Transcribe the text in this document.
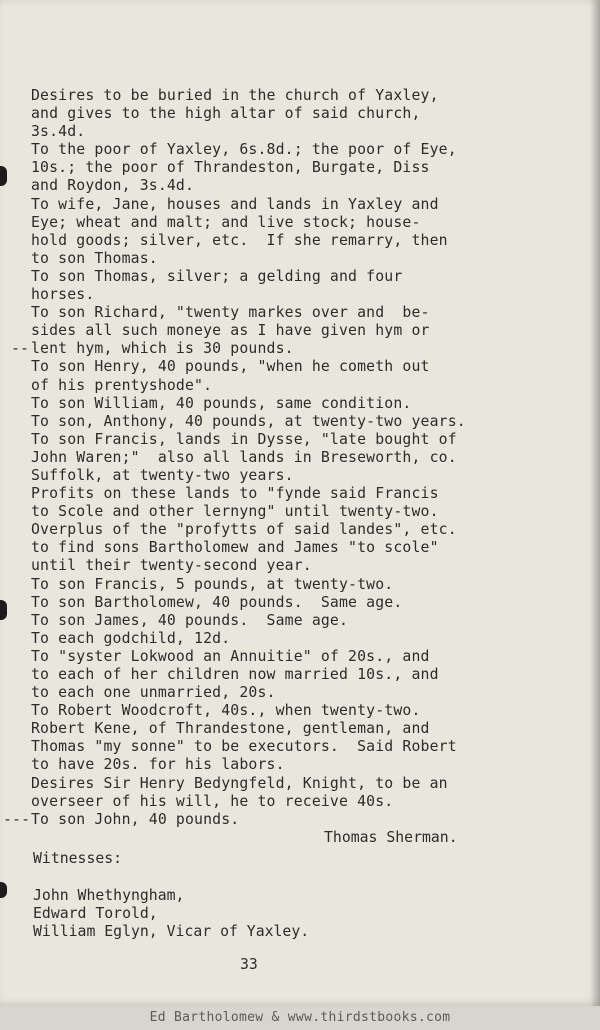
Desires to be buried in the church of Yaxley,
and gives to the high altar of said church,
3s.4d.
To the poor of Yaxley, 6s.8d.; the poor of Eye,
10s.; the poor of Thrandeston, Burgate, Diss
and Roydon, 3s.4d.
To wife, Jane, houses and lands in Yaxley and
Eye; wheat and malt; and live stock; house-
hold goods; silver, etc.  If she remarry, then
to son Thomas.
To son Thomas, silver; a gelding and four
horses.
To son Richard, "twenty markes over and  be-
sides all such moneye as I have given hym or
-- lent hym, which is 30 pounds.
To son Henry, 40 pounds, "when he cometh out
of his prentyshode".
To son William, 40 pounds, same condition.
To son, Anthony, 40 pounds, at twenty-two years.
To son Francis, lands in Dysse, "late bought of
John Waren;"  also all lands in Breseworth, co.
Suffolk, at twenty-two years.
Profits on these lands to "fynde said Francis
to Scole and other lernyng" until twenty-two.
Overplus of the "profytts of said landes", etc.
to find sons Bartholomew and James "to scole"
until their twenty-second year.
To son Francis, 5 pounds, at twenty-two.
To son Bartholomew, 40 pounds.  Same age.
To son James, 40 pounds.  Same age.
To each godchild, 12d.
To "syster Lokwood an Annuitie" of 20s., and
to each of her children now married 10s., and
to each one unmarried, 20s.
To Robert Woodcroft, 40s., when twenty-two.
Robert Kene, of Thrandestone, gentleman, and
Thomas "my sonne" to be executors.  Said Robert
to have 20s. for his labors.
Desires Sir Henry Bedyngfeld, Knight, to be an
overseer of his will, he to receive 40s.
--- To son John, 40 pounds.
Thomas Sherman.
Witnesses:
John Whethyngham,
Edward Torold,
William Eglyn, Vicar of Yaxley.
33
Ed Bartholomew & www.thirdstbooks.com
